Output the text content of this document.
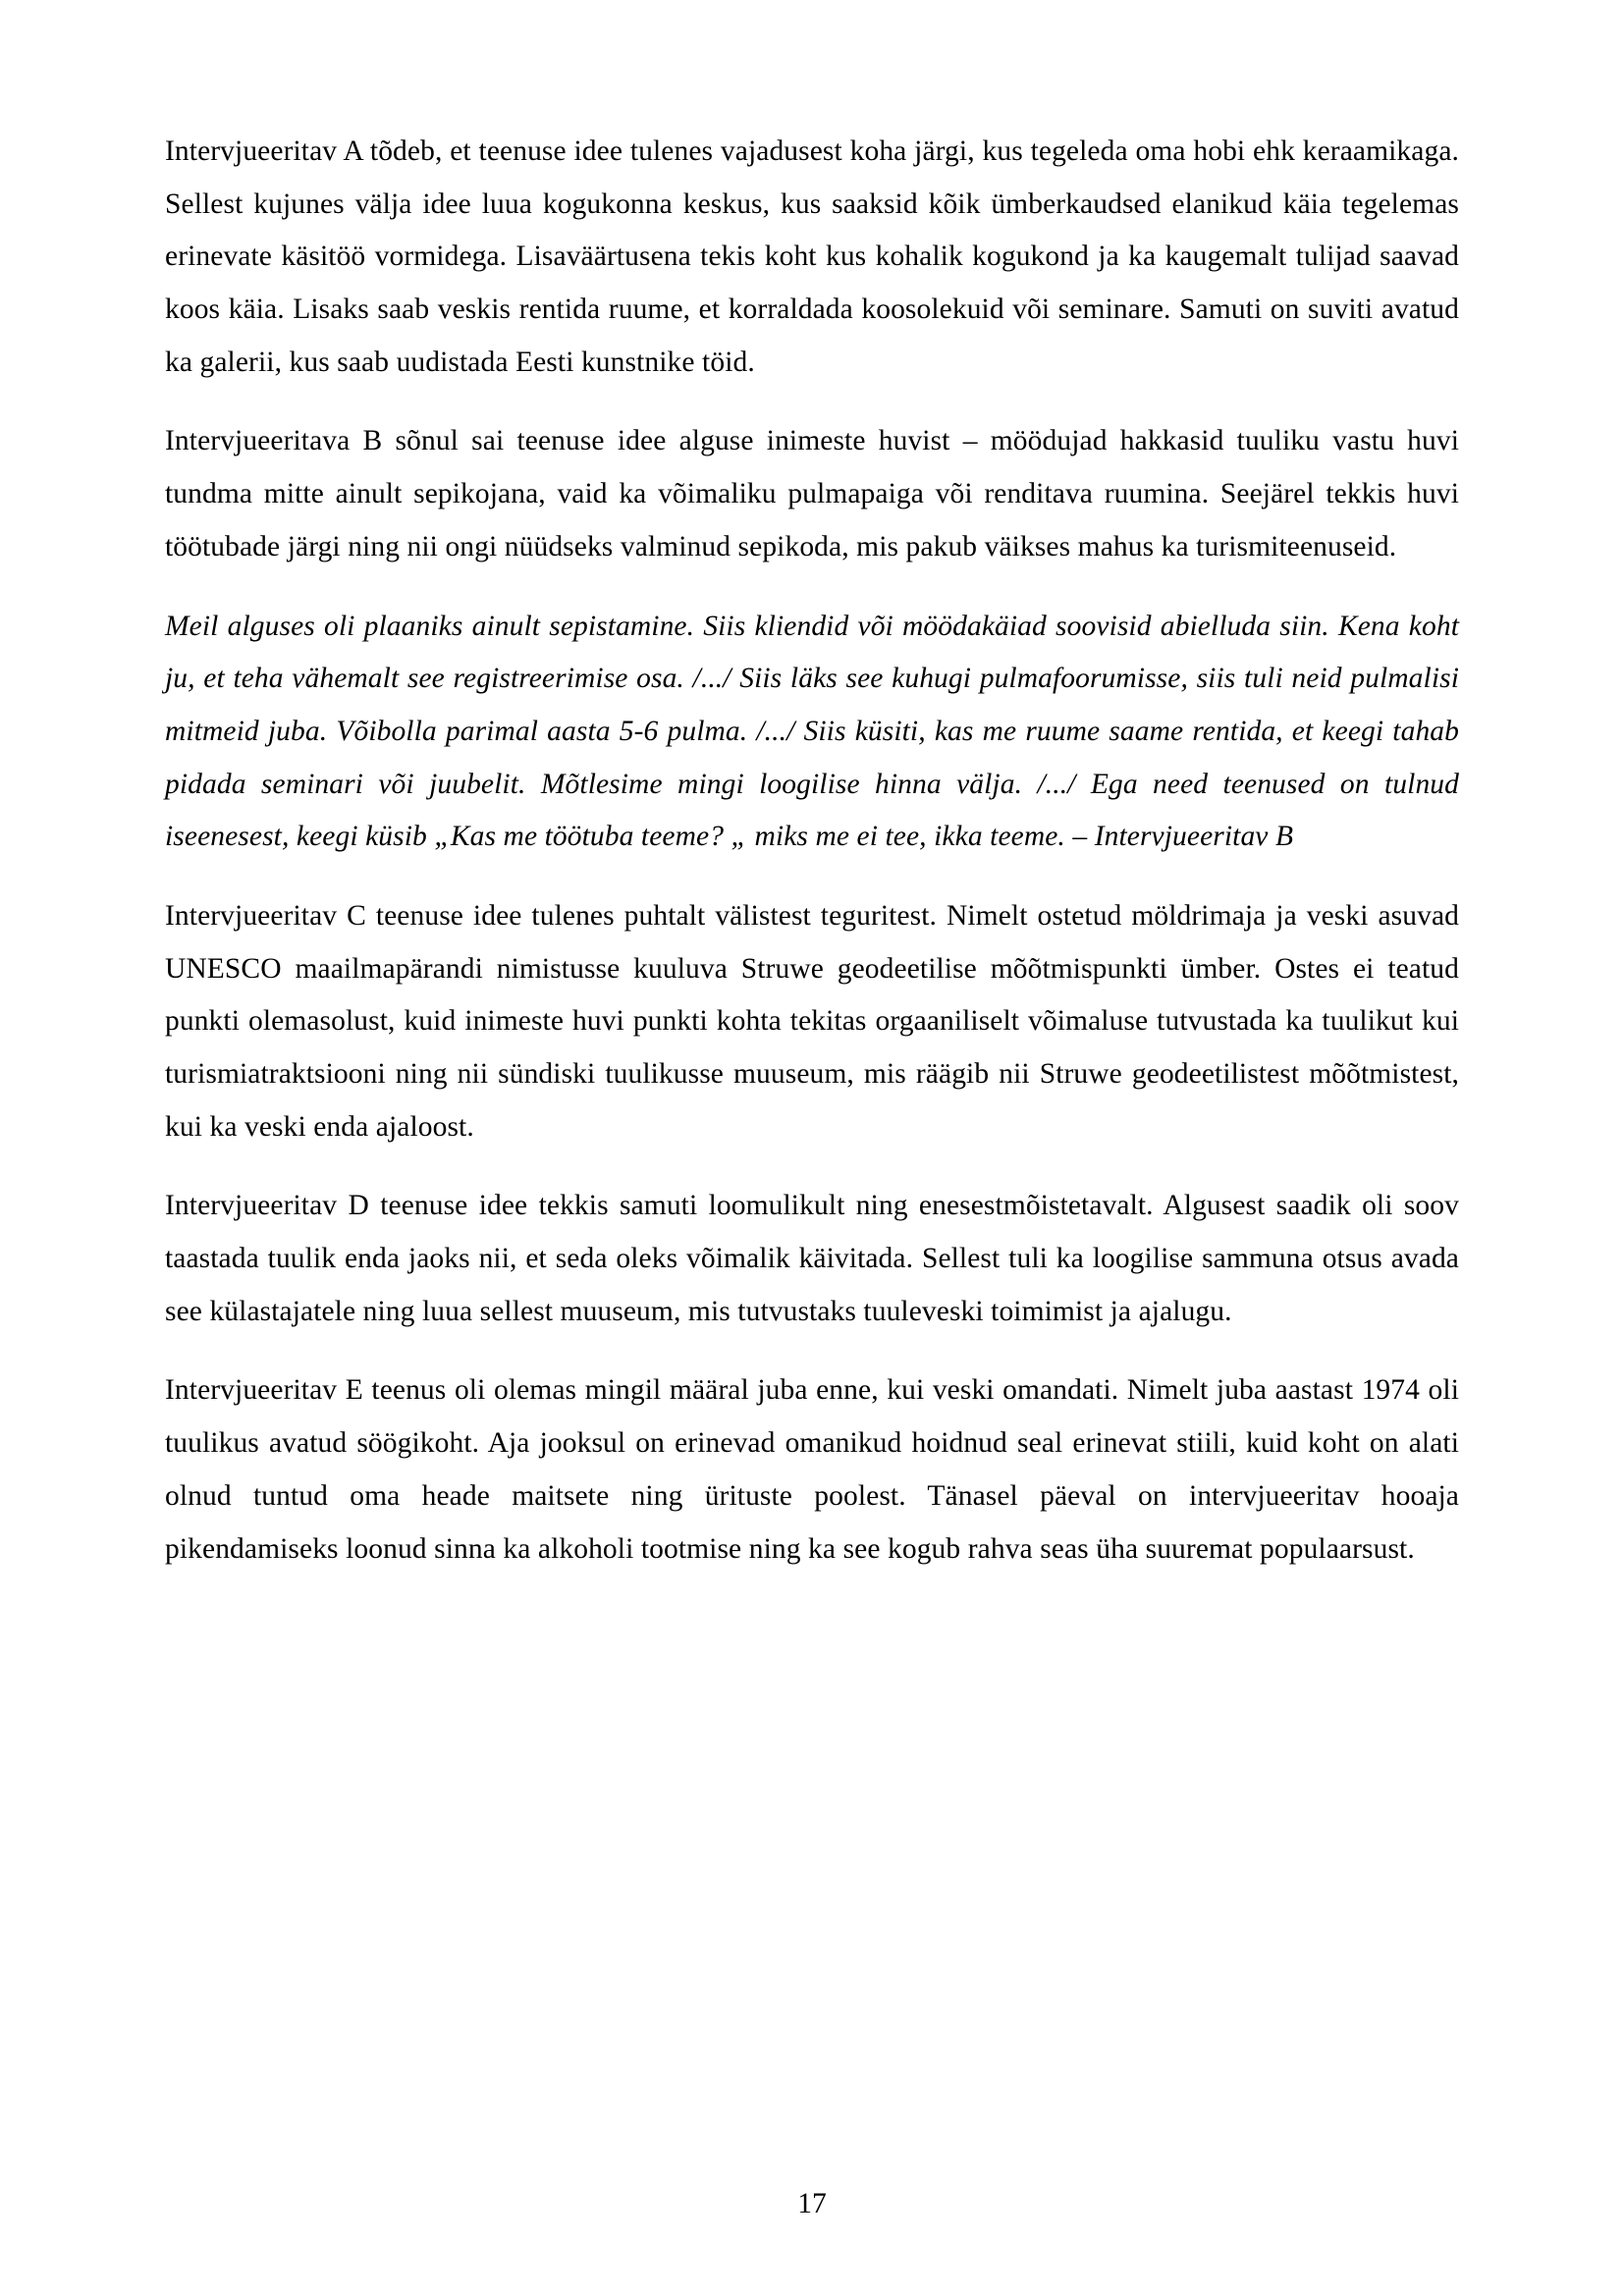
Intervjueeritav A tõdeb, et teenuse idee tulenes vajadusest koha järgi, kus tegeleda oma hobi ehk keraamikaga. Sellest kujunes välja idee luua kogukonna keskus, kus saaksid kõik ümberkaudsed elanikud käia tegelemas erinevate käsitöö vormidega. Lisaväärtusena tekis koht kus kohalik kogukond ja ka kaugemalt tulijad saavad koos käia. Lisaks saab veskis rentida ruume, et korraldada koosolekuid või seminare. Samuti on suviti avatud ka galerii, kus saab uudistada Eesti kunstnike töid.

Intervjueeritava B sõnul sai teenuse idee alguse inimeste huvist – möödujad hakkasid tuuliku vastu huvi tundma mitte ainult sepikojana, vaid ka võimaliku pulmapaiga või renditava ruumina. Seejärel tekkis huvi töötubade järgi ning nii ongi nüüdseks valminud sepikoda, mis pakub väikses mahus ka turismiteenuseid.

Meil alguses oli plaaniks ainult sepistamine. Siis kliendid või möödakäiad soovisid abielluda siin. Kena koht ju, et teha vähemalt see registreerimise osa. /.../ Siis läks see kuhugi pulmafoorumisse, siis tuli neid pulmalisi mitmeid juba. Võibolla parimal aasta 5-6 pulma. /.../ Siis küsiti, kas me ruume saame rentida, et keegi tahab pidada seminari või juubelit. Mõtlesime mingi loogilise hinna välja. /.../ Ega need teenused on tulnud iseenesest, keegi küsib „Kas me töötuba teeme? „ miks me ei tee, ikka teeme. – Intervjueeritav B

Intervjueeritav C teenuse idee tulenes puhtalt välistest teguritest. Nimelt ostetud möldrimaja ja veski asuvad UNESCO maailmapärandi nimistusse kuuluva Struwe geodeetilise mõõtmispunkti ümber. Ostes ei teatud punkti olemasolust, kuid inimeste huvi punkti kohta tekitas orgaaniliselt võimaluse tutvustada ka tuulikut kui turismiatraktsiooni ning nii sündiski tuulikusse muuseum, mis räägib nii Struwe geodeetilistest mõõtmistest, kui ka veski enda ajaloost.

Intervjueeritav D teenuse idee tekkis samuti loomulikult ning enesestmõistetavalt. Algusest saadik oli soov taastada tuulik enda jaoks nii, et seda oleks võimalik käivitada. Sellest tuli ka loogilise sammuna otsus avada see külastajatele ning luua sellest muuseum, mis tutvustaks tuuleveski toimimist ja ajalugu.

Intervjueeritav E teenus oli olemas mingil määral juba enne, kui veski omandati. Nimelt juba aastast 1974 oli tuulikus avatud söögikoht. Aja jooksul on erinevad omanikud hoidnud seal erinevat stiili, kuid koht on alati olnud tuntud oma heade maitsete ning ürituste poolest. Tänasel päeval on intervjueeritav hooaja pikendamiseks loonud sinna ka alkoholi tootmise ning ka see kogub rahva seas üha suuremat populaarsust.

17
